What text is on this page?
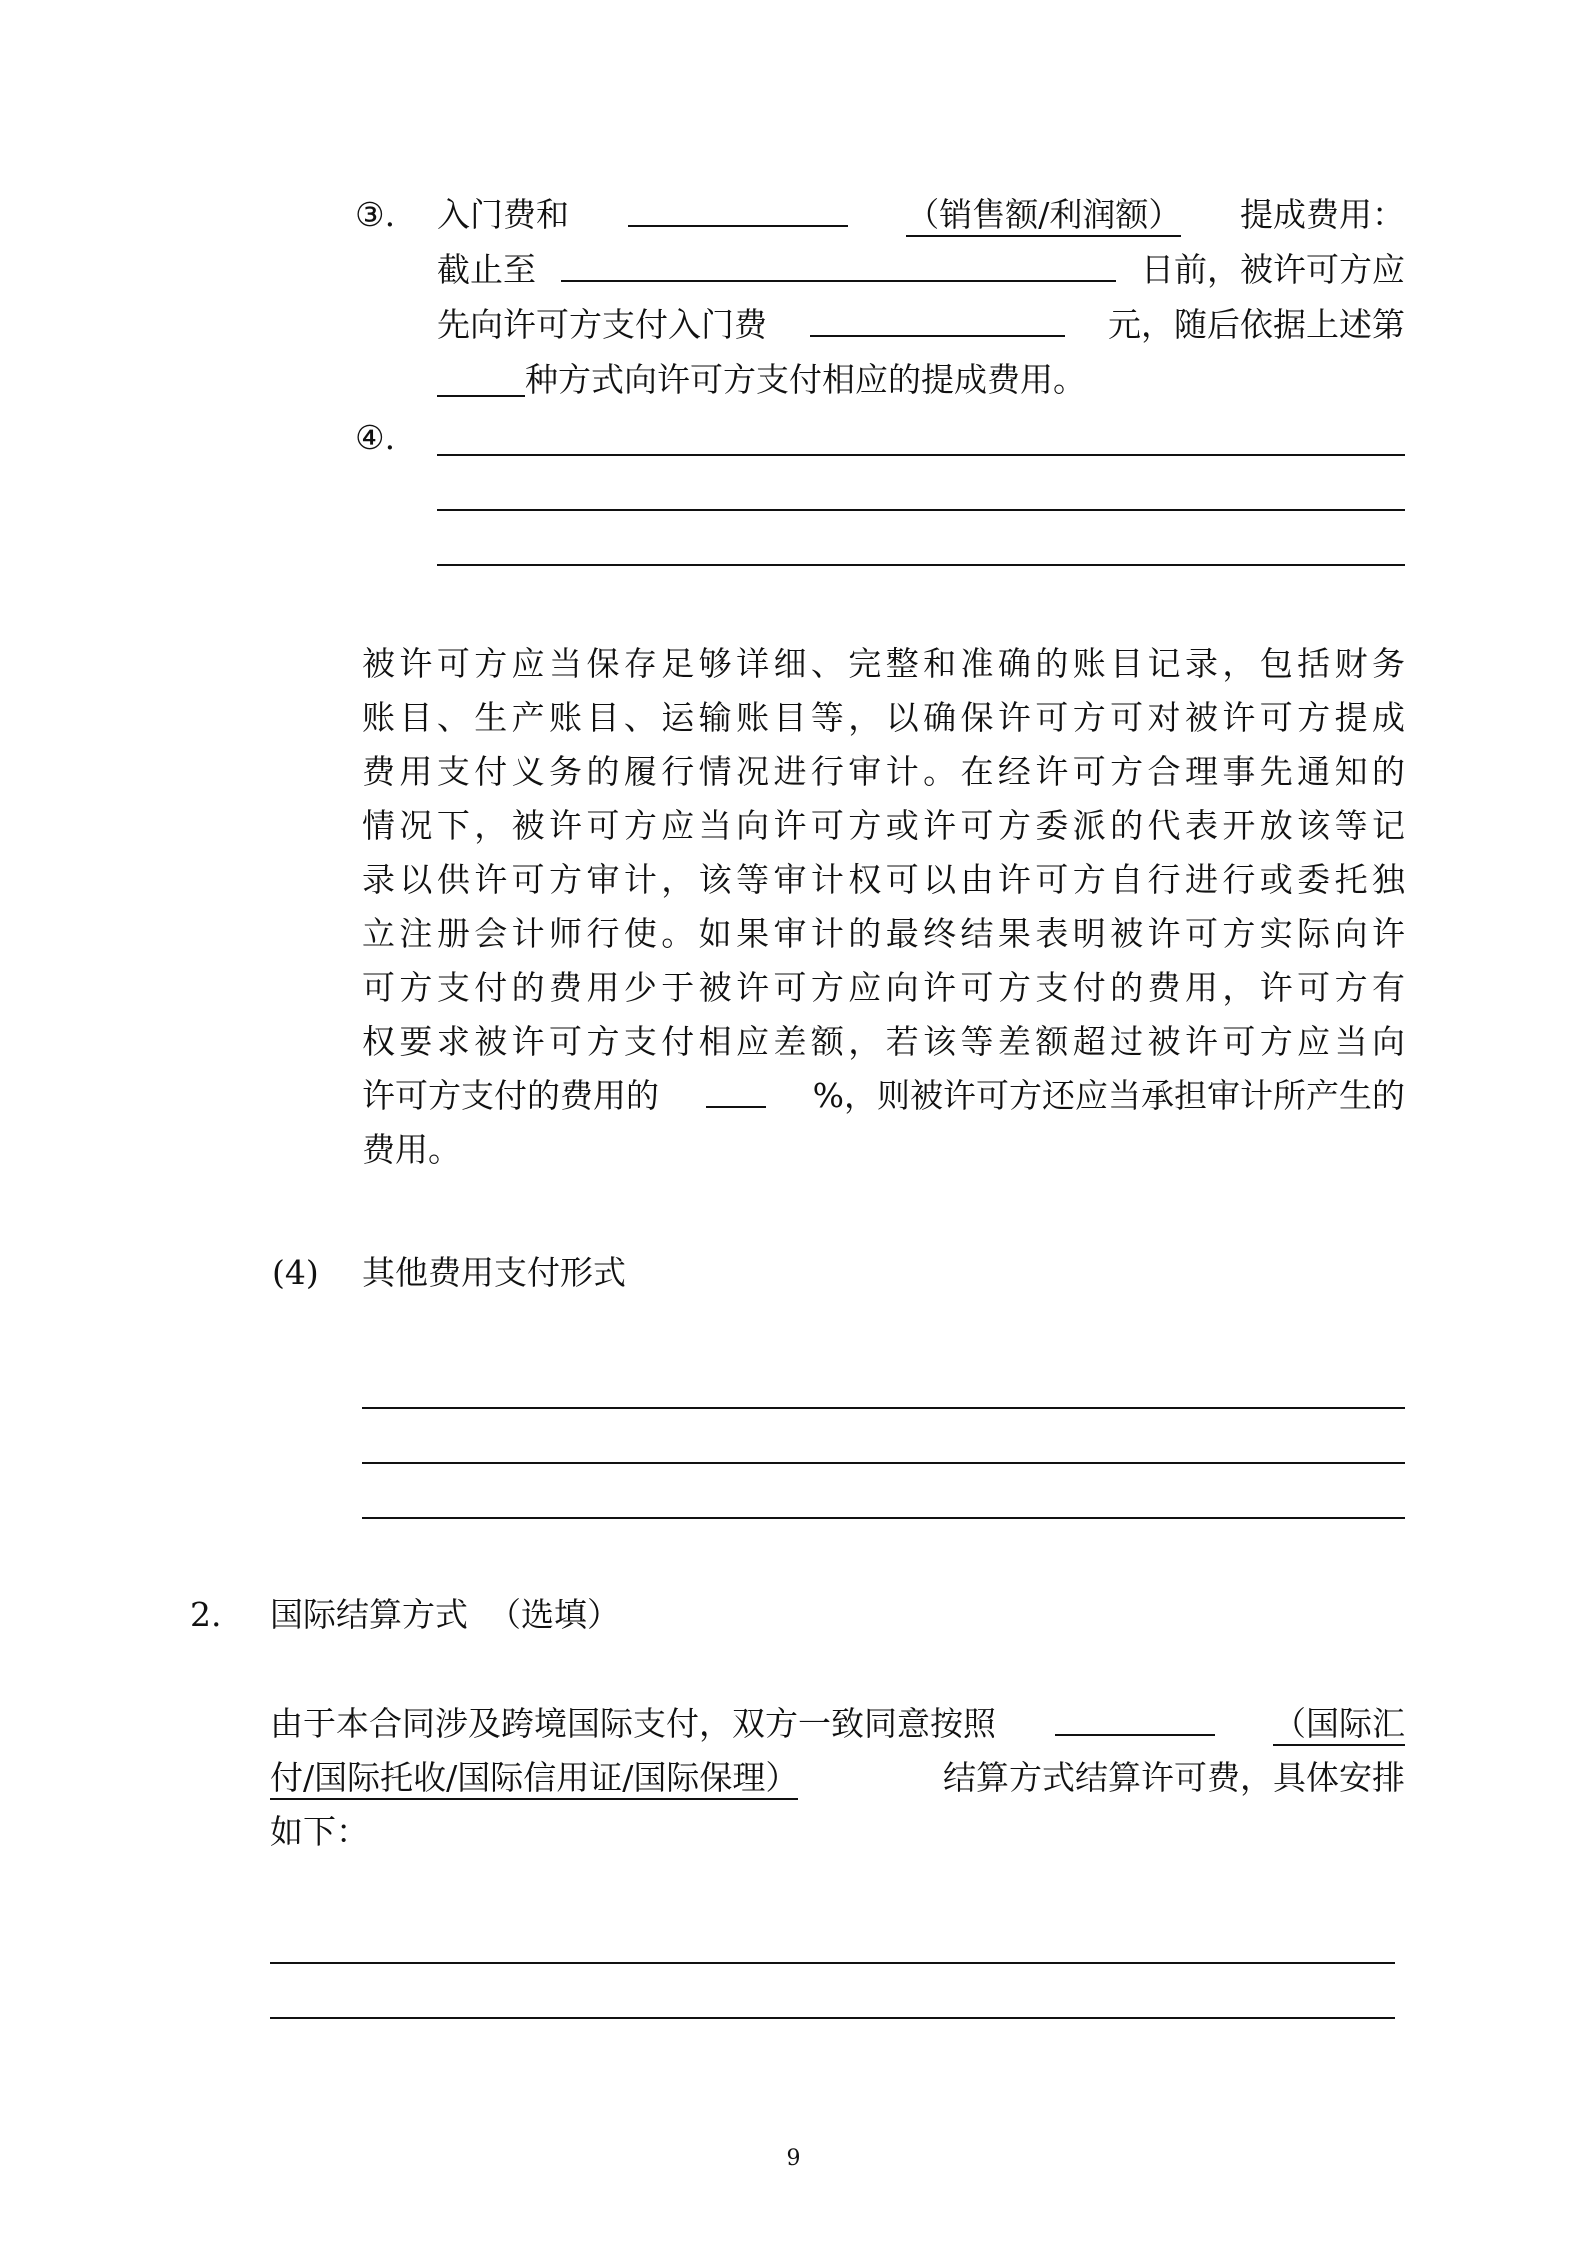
③. 入门费和	（销售额/利润额） 提成费用：
截止至	日前，被许可方应
先向许可方支付入门费	元，随后依据上述第
种方式向许可方支付相应的提成费用。
④.
被 许 可 方 应 当 保 存 足 够 详 细 、 完 整 和 准 确 的 账 目 记 录 ， 包 括 财 务
账 目 、 生 产 账 目 、 运 输 账 目 等 ， 以 确 保 许 可 方 可 对 被 许 可 方 提 成
费 用 支 付 义 务 的 履 行 情 况 进 行 审 计 。 在 经 许 可 方 合 理 事 先 通 知 的
情 况 下 ， 被 许 可 方 应 当 向 许 可 方 或 许 可 方 委 派 的 代 表 开 放 该 等 记
录 以 供 许 可 方 审 计 ， 该 等 审 计 权 可 以 由 许 可 方 自 行 进 行 或 委 托 独
立 注 册 会 计 师 行 使 。 如 果 审 计 的 最 终 结 果 表 明 被 许 可 方 实 际 向 许
可 方 支 付 的 费 用 少 于 被 许 可 方 应 向 许 可 方 支 付 的 费 用 ， 许 可 方 有
权 要 求 被 许 可 方 支 付 相 应 差 额 ， 若 该 等 差 额 超 过 被 许 可 方 应 当 向
许可方支付的费用的	%，则被许可方还应当承担审计所产生的
费用。
(4) 其他费用支付形式
2. 国际结算方式 （选填）
由于本合同涉及跨境国际支付，双方一致同意按照	（国际汇
付/国际托收/国际信用证/国际保理）	结算方式结算许可费，具体安排
如下：
9
